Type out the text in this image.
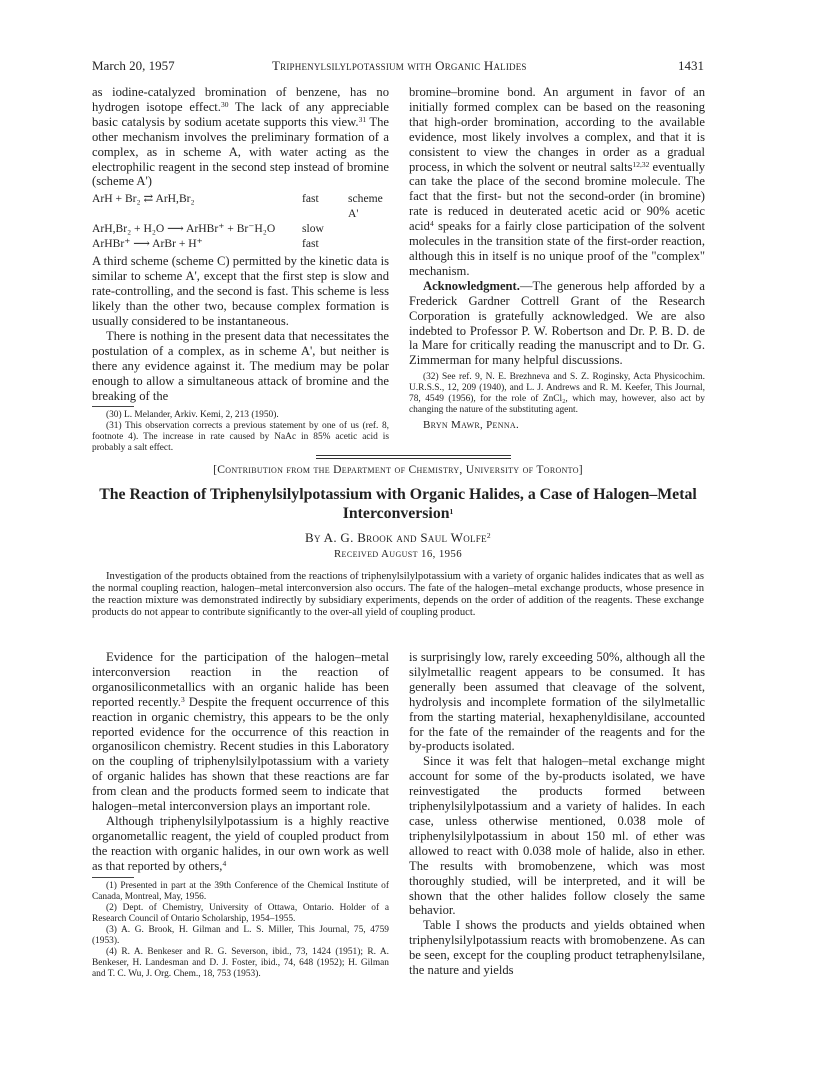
March 20, 1957	Triphenylsilylpotassium with Organic Halides	1431

as iodine-catalyzed bromination of benzene, has no hydrogen isotope effect.$^{30}$ The lack of any appreciable basic catalysis by sodium acetate supports this view.$^{31}$ The other mechanism involves the preliminary formation of a complex, as in scheme A, with water acting as the electrophilic reagent in the second step instead of bromine (scheme A')

ArH + Br₂ ⇄ ArH,Br₂	fast	scheme A'
ArH,Br₂ + H₂O ⟶ ArHBr⁺ + Br⁻H₂O	slow
ArHBr⁺ ⟶ ArBr + H⁺	fast

A third scheme (scheme C) permitted by the kinetic data is similar to scheme A', except that the first step is slow and rate-controlling, and the second is fast. This scheme is less likely than the other two, because complex formation is usually considered to be instantaneous.

There is nothing in the present data that necessitates the postulation of a complex, as in scheme A', but neither is there any evidence against it. The medium may be polar enough to allow a simultaneous attack of bromine and the breaking of the

(30) L. Melander, Arkiv. Kemi, 2, 213 (1950).

(31) This observation corrects a previous statement by one of us (ref. 8, footnote 4). The increase in rate caused by NaAc in 85% acetic acid is probably a salt effect.

bromine–bromine bond. An argument in favor of an initially formed complex can be based on the reasoning that high-order bromination, according to the available evidence, most likely involves a complex, and that it is consistent to view the changes in order as a gradual process, in which the solvent or neutral salts$^{12,32}$ eventually can take the place of the second bromine molecule. The fact that the first- but not the second-order (in bromine) rate is reduced in deuterated acetic acid or 90% acetic acid$^4$ speaks for a fairly close participation of the solvent molecules in the transition state of the first-order reaction, although this in itself is no unique proof of the "complex" mechanism.

Acknowledgment.—The generous help afforded by a Frederick Gardner Cottrell Grant of the Research Corporation is gratefully acknowledged. We are also indebted to Professor P. W. Robertson and Dr. P. B. D. de la Mare for critically reading the manuscript and to Dr. G. Zimmerman for many helpful discussions.

(32) See ref. 9, N. E. Brezhneva and S. Z. Roginsky, Acta Physicochim. U.R.S.S., 12, 209 (1940), and L. J. Andrews and R. M. Keefer, This Journal, 78, 4549 (1956), for the role of ZnCl₂, which may, however, also act by changing the nature of the substituting agent.

Bryn Mawr, Penna.

[Contribution from the Department of Chemistry, University of Toronto]
The Reaction of Triphenylsilylpotassium with Organic Halides, a Case of Halogen–Metal Interconversion$^1$
By A. G. Brook and Saul Wolfe$^2$
Received August 16, 1956
Investigation of the products obtained from the reactions of triphenylsilylpotassium with a variety of organic halides indicates that as well as the normal coupling reaction, halogen–metal interconversion also occurs. The fate of the halogen–metal exchange products, whose presence in the reaction mixture was demonstrated indirectly by subsidiary experiments, depends on the order of addition of the reagents. These exchange products do not appear to contribute significantly to the over-all yield of coupling product.

Evidence for the participation of the halogen–metal interconversion reaction in the reaction of organosiliconmetallics with an organic halide has been reported recently.$^3$ Despite the frequent occurrence of this reaction in organic chemistry, this appears to be the only reported evidence for the occurrence of this reaction in organosilicon chemistry. Recent studies in this Laboratory on the coupling of triphenylsilylpotassium with a variety of organic halides has shown that these reactions are far from clean and the products formed seem to indicate that halogen–metal interconversion plays an important role.

Although triphenylsilylpotassium is a highly reactive organometallic reagent, the yield of coupled product from the reaction with organic halides, in our own work as well as that reported by others,$^4$

(1) Presented in part at the 39th Conference of the Chemical Institute of Canada, Montreal, May, 1956.

(2) Dept. of Chemistry, University of Ottawa, Ontario. Holder of a Research Council of Ontario Scholarship, 1954–1955.

(3) A. G. Brook, H. Gilman and L. S. Miller, This Journal, 75, 4759 (1953).

(4) R. A. Benkeser and R. G. Severson, ibid., 73, 1424 (1951); R. A. Benkeser, H. Landesman and D. J. Foster, ibid., 74, 648 (1952); H. Gilman and T. C. Wu, J. Org. Chem., 18, 753 (1953).

is surprisingly low, rarely exceeding 50%, although all the silylmetallic reagent appears to be consumed. It has generally been assumed that cleavage of the solvent, hydrolysis and incomplete formation of the silylmetallic from the starting material, hexaphenyldisilane, accounted for the fate of the remainder of the reagents and for the by-products isolated.

Since it was felt that halogen–metal exchange might account for some of the by-products isolated, we have reinvestigated the products formed between triphenylsilylpotassium and a variety of halides. In each case, unless otherwise mentioned, 0.038 mole of triphenylsilylpotassium in about 150 ml. of ether was allowed to react with 0.038 mole of halide, also in ether. The results with bromobenzene, which was most thoroughly studied, will be interpreted, and it will be shown that the other halides follow closely the same behavior.

Table I shows the products and yields obtained when triphenylsilylpotassium reacts with bromobenzene. As can be seen, except for the coupling product tetraphenylsilane, the nature and yields
